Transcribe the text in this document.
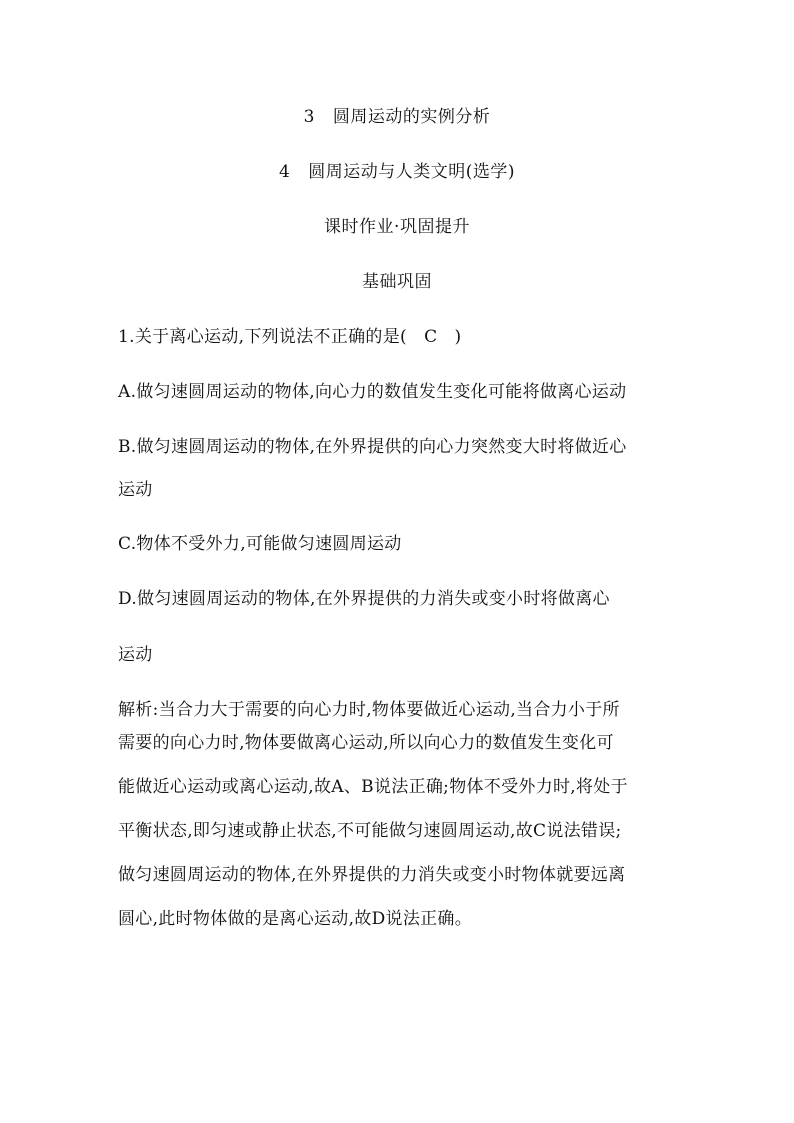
3 圆周运动的实例分析
4 圆周运动与人类文明(选学)
课时作业·巩固提升
基础巩固
1.关于离心运动,下列说法不正确的是(   C   )
A.做匀速圆周运动的物体,向心力的数值发生变化可能将做离心运动
B.做匀速圆周运动的物体,在外界提供的向心力突然变大时将做近心
运动
C.物体不受外力,可能做匀速圆周运动
D.做匀速圆周运动的物体,在外界提供的力消失或变小时将做离心
运动
解析:当合力大于需要的向心力时,物体要做近心运动,当合力小于所
需要的向心力时,物体要做离心运动,所以向心力的数值发生变化可
能做近心运动或离心运动,故A、B说法正确;物体不受外力时,将处于
平衡状态,即匀速或静止状态,不可能做匀速圆周运动,故C说法错误;
做匀速圆周运动的物体,在外界提供的力消失或变小时物体就要远离
圆心,此时物体做的是离心运动,故D说法正确。
